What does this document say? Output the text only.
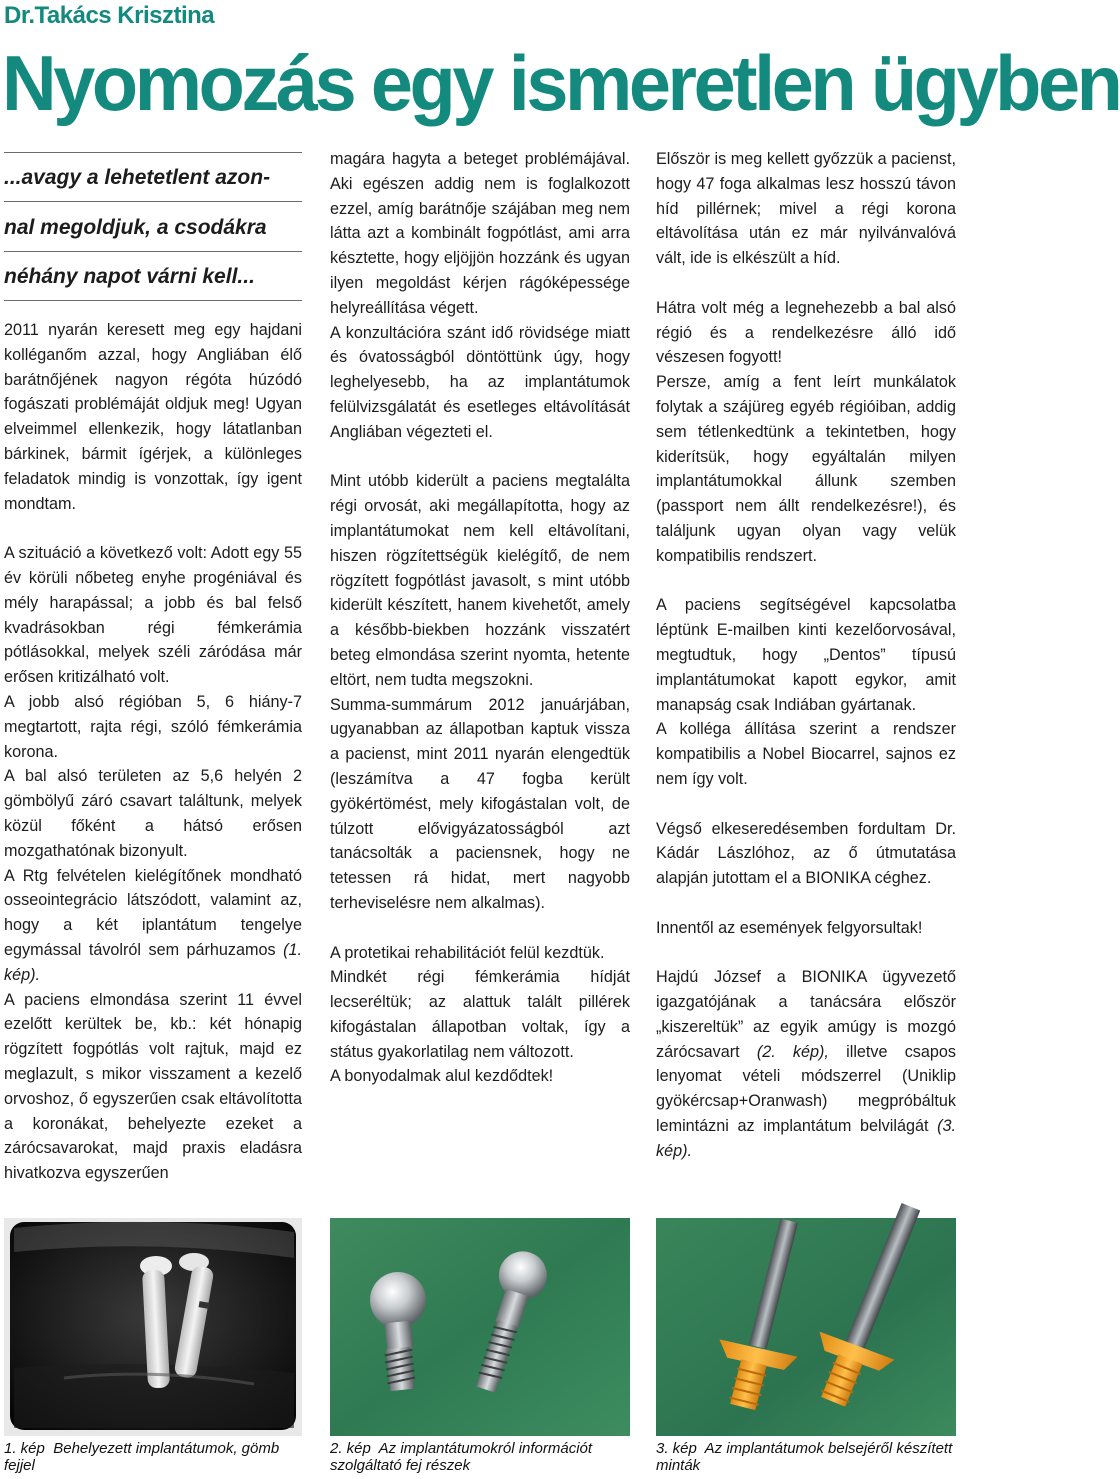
Dr.Takács Krisztina
Nyomozás egy ismeretlen ügyben
...avagy a lehetetlent azon-
nal megoldjuk, a csodákra
néhány napot várni kell...

2011 nyarán keresett meg egy hajdani kolléganőm azzal, hogy Angliában élő barátnőjének nagyon régóta húzódó fogászati problémáját oldjuk meg! Ugyan elveimmel ellenkezik, hogy látatlanban bárkinek, bármit ígérjek, a különleges feladatok mindig is vonzottak, így igent mondtam.

A szituáció a következő volt: Adott egy 55 év körüli nőbeteg enyhe progéniával és mély harapással; a jobb és bal felső kvadrásokban régi fémkerámia pótlásokkal, melyek széli záródása már erősen kritizálható volt.

A jobb alsó régióban 5, 6 hiány-7 megtartott, rajta régi, szóló fémkerámia korona.

A bal alsó területen az 5,6 helyén 2 gömbölyű záró csavart találtunk, melyek közül főként a hátsó erősen mozgathatónak bizonyult.

A Rtg felvételen kielégítőnek mondható osseointegrácio látszódott, valamint az, hogy a két iplantátum tengelye egymással távolról sem párhuzamos (1. kép).

A paciens elmondása szerint 11 évvel ezelőtt kerültek be, kb.: két hónapig rögzített fogpótlás volt rajtuk, majd ez meglazult, s mikor visszament a kezelő orvoshoz, ő egyszerűen csak eltávolította a koronákat, behelyezte ezeket a zárócsavarokat, majd praxis eladásra hivatkozva egyszerűen

magára hagyta a beteget problémájával. Aki egészen addig nem is foglalkozott ezzel, amíg barátnője szájában meg nem látta azt a kombinált fogpótlást, ami arra késztette, hogy eljöjjön hozzánk és ugyan ilyen megoldást kérjen rágóképessége helyreállítása végett.

A konzultációra szánt idő rövidsége miatt és óvatosságból döntöttünk úgy, hogy leghelyesebb, ha az implantátumok felülvizsgálatát és esetleges eltávolítását Angliában végezteti el.

Mint utóbb kiderült a paciens megtalálta régi orvosát, aki megállapította, hogy az implantátumokat nem kell eltávolítani, hiszen rögzítettségük kielégítő, de nem rögzített fogpótlást javasolt, s mint utóbb kiderült készített, hanem kivehetőt, amely a később-biekben hozzánk visszatért beteg elmondása szerint nyomta, hetente eltört, nem tudta megszokni.

Summa-summárum 2012 januárjában, ugyanabban az állapotban kaptuk vissza a pacienst, mint 2011 nyarán elengedtük (leszámítva a 47 fogba került gyökértömést, mely kifogástalan volt, de túlzott elővigyázatosságból azt tanácsolták a paciensnek, hogy ne tetessen rá hidat, mert nagyobb terheviselésre nem alkalmas).

A protetikai rehabilitációt felül kezdtük.

Mindkét régi fémkerámia hídját lecseréltük; az alattuk talált pillérek kifogástalan állapotban voltak, így a státus gyakorlatilag nem változott.

A bonyodalmak alul kezdődtek!

Először is meg kellett győzzük a pacienst, hogy 47 foga alkalmas lesz hosszú távon híd pillérnek; mivel a régi korona eltávolítása után ez már nyilvánvalóvá vált, ide is elkészült a híd.

Hátra volt még a legnehezebb a bal alsó régió és a rendelkezésre álló idő vészesen fogyott!

Persze, amíg a fent leírt munkálatok folytak a szájüreg egyéb régióiban, addig sem tétlenkedtünk a tekintetben, hogy kiderítsük, hogy egyáltalán milyen implantátumokkal állunk szemben (passport nem állt rendelkezésre!), és találjunk ugyan olyan vagy velük kompatibilis rendszert.

A paciens segítségével kapcsolatba léptünk E-mailben kinti kezelőorvosával, megtudtuk, hogy „Dentos” típusú implantátumokat kapott egykor, amit manapság csak Indiában gyártanak.

A kolléga állítása szerint a rendszer kompatibilis a Nobel Biocarrel, sajnos ez nem így volt.

Végső elkeseredésemben fordultam Dr. Kádár Lászlóhoz, az ő útmutatása alapján jutottam el a BIONIKA céghez.

Innentől az események felgyorsultak!

Hajdú József a BIONIKA ügyvezető igazgatójának a tanácsára először „kiszereltük” az egyik amúgy is mozgó zárócsavart (2. kép), illetve csapos lenyomat vételi módszerrel (Uniklip gyökércsap+Oranwash) megpróbáltuk lemintázni az implantátum belvilágát (3. kép).

1. kép Behelyezett implantátumok, gömb fejjel
2. kép Az implantátumokról információt szolgáltató fej részek
3. kép Az implantátumok belsejéről készített minták
